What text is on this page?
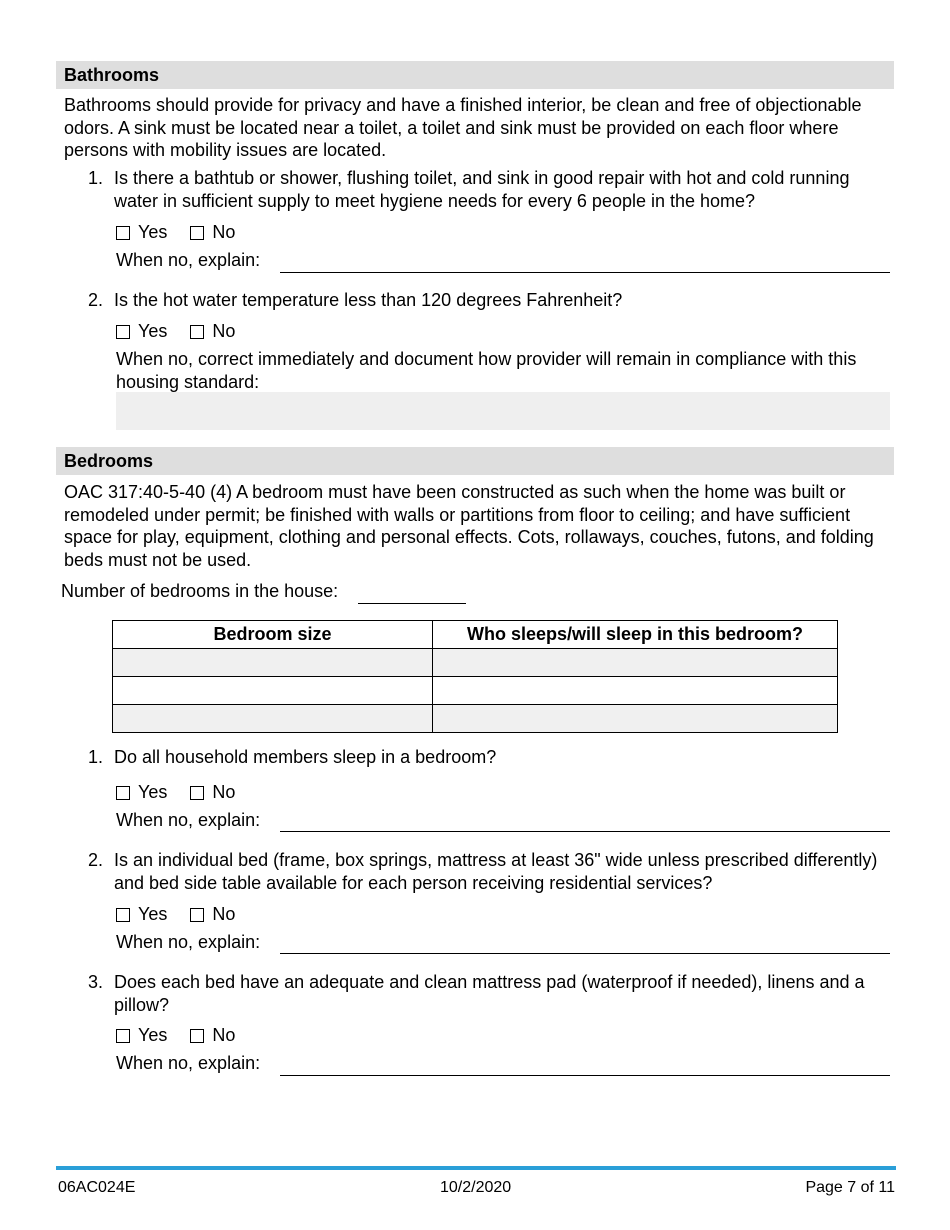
Bathrooms
Bathrooms should provide for privacy and have a finished interior, be clean and free of objectionable odors. A sink must be located near a toilet, a toilet and sink must be provided on each floor where persons with mobility issues are located.
1. Is there a bathtub or shower, flushing toilet, and sink in good repair with hot and cold running water in sufficient supply to meet hygiene needs for every 6 people in the home?
Yes	No
When no, explain:
2. Is the hot water temperature less than 120 degrees Fahrenheit?
Yes	No
When no, correct immediately and document how provider will remain in compliance with this housing standard:
Bedrooms
OAC 317:40-5-40 (4) A bedroom must have been constructed as such when the home was built or remodeled under permit; be finished with walls or partitions from floor to ceiling; and have sufficient space for play, equipment, clothing and personal effects. Cots, rollaways, couches, futons, and folding beds must not be used.
Number of bedrooms in the house:
Bedroom size	Who sleeps/will sleep in this bedroom?

1. Do all household members sleep in a bedroom?
Yes	No
When no, explain:
2. Is an individual bed (frame, box springs, mattress at least 36" wide unless prescribed differently) and bed side table available for each person receiving residential services?
Yes	No
When no, explain:
3. Does each bed have an adequate and clean mattress pad (waterproof if needed), linens and a pillow?
Yes	No
When no, explain:
06AC024E	10/2/2020	Page 7 of 11
